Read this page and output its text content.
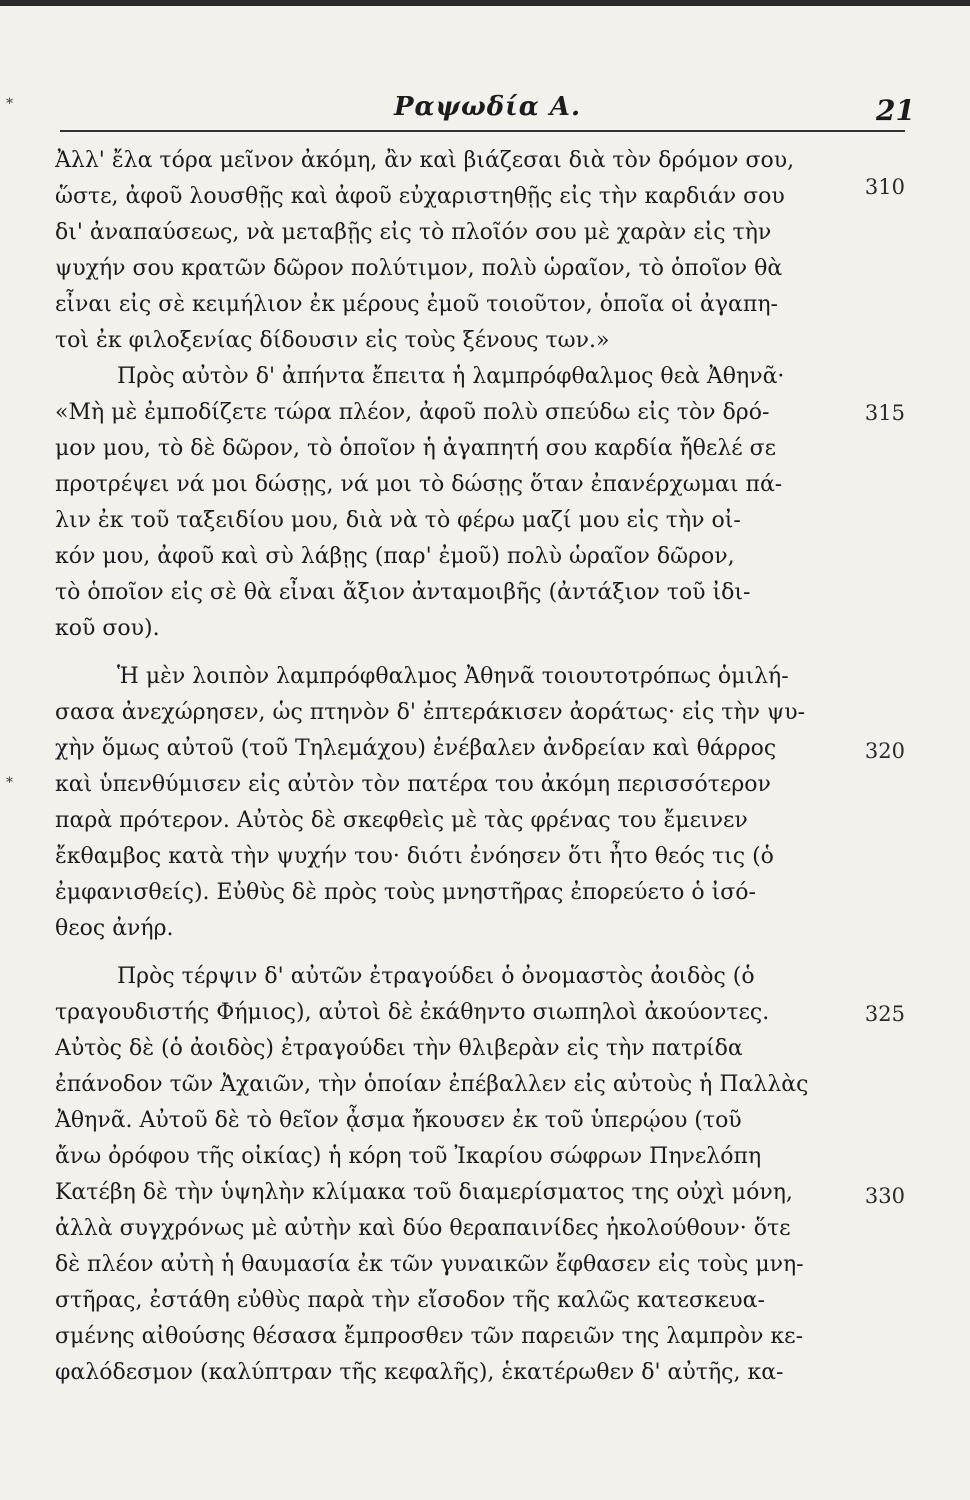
Ραψωδία Α.	21
*
*
Ἀλλ' ἔλα τόρα μεῖνον ἀκόμη, ἂν καὶ βιάζεσαι διὰ τὸν δρόμον σου,
ὥστε, ἀφοῦ λουσθῇς καὶ ἀφοῦ εὐχαριστηθῇς εἰς τὴν καρδιάν σου
δι' ἀναπαύσεως, νὰ μεταβῇς εἰς τὸ πλοῖόν σου μὲ χαρὰν εἰς τὴν
ψυχήν σου κρατῶν δῶρον πολύτιμον, πολὺ ὡραῖον, τὸ ὁποῖον θὰ
εἶναι εἰς σὲ κειμήλιον ἐκ μέρους ἐμοῦ τοιοῦτον, ὁποῖα οἱ ἀγαπη-
τοὶ ἐκ φιλοξενίας δίδουσιν εἰς τοὺς ξένους των.»
Πρὸς αὐτὸν δ' ἀπήντα ἔπειτα ἡ λαμπρόφθαλμος θεὰ Ἀθηνᾶ·
«Μὴ μὲ ἐμποδίζετε τώρα πλέον, ἀφοῦ πολὺ σπεύδω εἰς τὸν δρό-
μον μου, τὸ δὲ δῶρον, τὸ ὁποῖον ἡ ἀγαπητή σου καρδία ἤθελέ σε
προτρέψει νά μοι δώσῃς, νά μοι τὸ δώσῃς ὅταν ἐπανέρχωμαι πά-
λιν ἐκ τοῦ ταξειδίου μου, διὰ νὰ τὸ φέρω μαζί μου εἰς τὴν οἰ-
κόν μου, ἀφοῦ καὶ σὺ λάβῃς (παρ' ἐμοῦ) πολὺ ὡραῖον δῶρον,
τὸ ὁποῖον εἰς σὲ θὰ εἶναι ἄξιον ἀνταμοιβῆς (ἀντάξιον τοῦ ἰδι-
κοῦ σου).
Ἡ μὲν λοιπὸν λαμπρόφθαλμος Ἀθηνᾶ τοιουτοτρόπως ὁμιλή-
σασα ἀνεχώρησεν, ὡς πτηνὸν δ' ἐπτεράκισεν ἀοράτως· εἰς τὴν ψυ-
χὴν ὅμως αὐτοῦ (τοῦ Τηλεμάχου) ἐνέβαλεν ἀνδρείαν καὶ θάρρος
καὶ ὑπενθύμισεν εἰς αὐτὸν τὸν πατέρα του ἀκόμη περισσότερον
παρὰ πρότερον. Αὐτὸς δὲ σκεφθεὶς μὲ τὰς φρένας του ἔμεινεν
ἔκθαμβος κατὰ τὴν ψυχήν του· διότι ἐνόησεν ὅτι ἦτο θεός τις (ὁ
ἐμφανισθείς). Εὐθὺς δὲ πρὸς τοὺς μνηστῆρας ἐπορεύετο ὁ ἰσό-
θεος ἀνήρ.
Πρὸς τέρψιν δ' αὐτῶν ἐτραγούδει ὁ ὀνομαστὸς ἀοιδὸς (ὁ
τραγουδιστής Φήμιος), αὐτοὶ δὲ ἐκάθηντο σιωπηλοὶ ἀκούοντες.
Αὐτὸς δὲ (ὁ ἀοιδὸς) ἐτραγούδει τὴν θλιβερὰν εἰς τὴν πατρίδα
ἐπάνοδον τῶν Ἀχαιῶν, τὴν ὁποίαν ἐπέβαλλεν εἰς αὐτοὺς ἡ Παλλὰς
Ἀθηνᾶ. Αὐτοῦ δὲ τὸ θεῖον ᾆσμα ἤκουσεν ἐκ τοῦ ὑπερῴου (τοῦ
ἄνω ὀρόφου τῆς οἰκίας) ἡ κόρη τοῦ Ἰκαρίου σώφρων Πηνελόπη
Κατέβη δὲ τὴν ὑψηλὴν κλίμακα τοῦ διαμερίσματος της οὐχὶ μόνη,
ἀλλὰ συγχρόνως μὲ αὐτὴν καὶ δύο θεραπαινίδες ἠκολούθουν· ὅτε
δὲ πλέον αὐτὴ ἡ θαυμασία ἐκ τῶν γυναικῶν ἔφθασεν εἰς τοὺς μνη-
στῆρας, ἐστάθη εὐθὺς παρὰ τὴν εἴσοδον τῆς καλῶς κατεσκευα-
σμένης αἰθούσης θέσασα ἔμπροσθεν τῶν παρειῶν της λαμπρὸν κε-
φαλόδεσμον (καλύπτραν τῆς κεφαλῆς), ἑκατέρωθεν δ' αὐτῆς, κα-
310
315
320
325
330
